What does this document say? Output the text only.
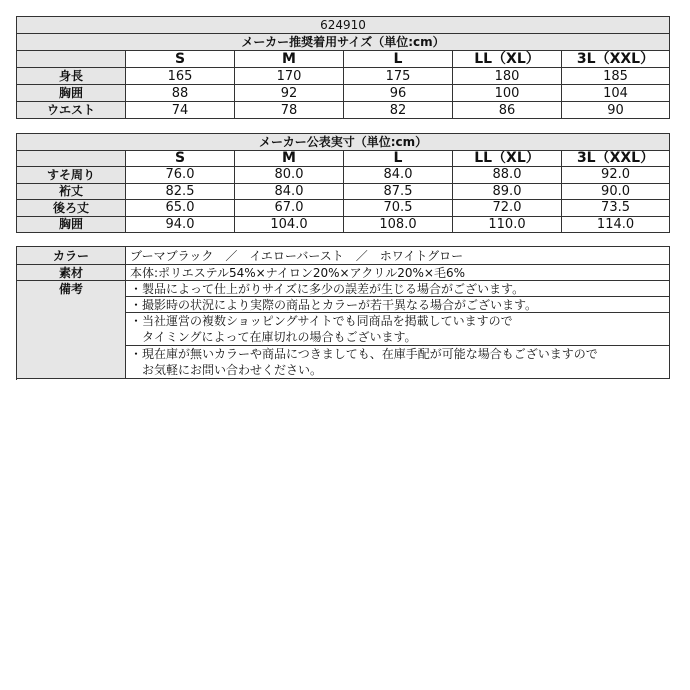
624910					
メーカー推奨着用サイズ（単位:cm）					
	S	M	L	LL（XL）	3L（XXL）
身長	165	170	175	180	185
胸囲	88	92	96	100	104
ウエスト	74	78	82	86	90
メーカー公表実寸（単位:cm）					
	S	M	L	LL（XL）	3L（XXL）
すそ周り	76.0	80.0	84.0	88.0	92.0
裄丈	82.5	84.0	87.5	89.0	90.0
後ろ丈	65.0	67.0	70.5	72.0	73.5
胸囲	94.0	104.0	108.0	110.0	114.0
カラー	ブーマブラック　／　イエローバースト　／　ホワイトグロー
素材	本体:ポリエステル54%×ナイロン20%×アクリル20%×毛6%
備考	・製品によって仕上がりサイズに多少の誤差が生じる場合がございます。
	・撮影時の状況により実際の商品とカラーが若干異なる場合がございます。

	・当社運営の複数ショッピングサイトでも同商品を掲載していますので
　タイミングによって在庫切れの場合もございます。

	・現在庫が無いカラーや商品につきましても、在庫手配が可能な場合もございますので
　お気軽にお問い合わせください。
